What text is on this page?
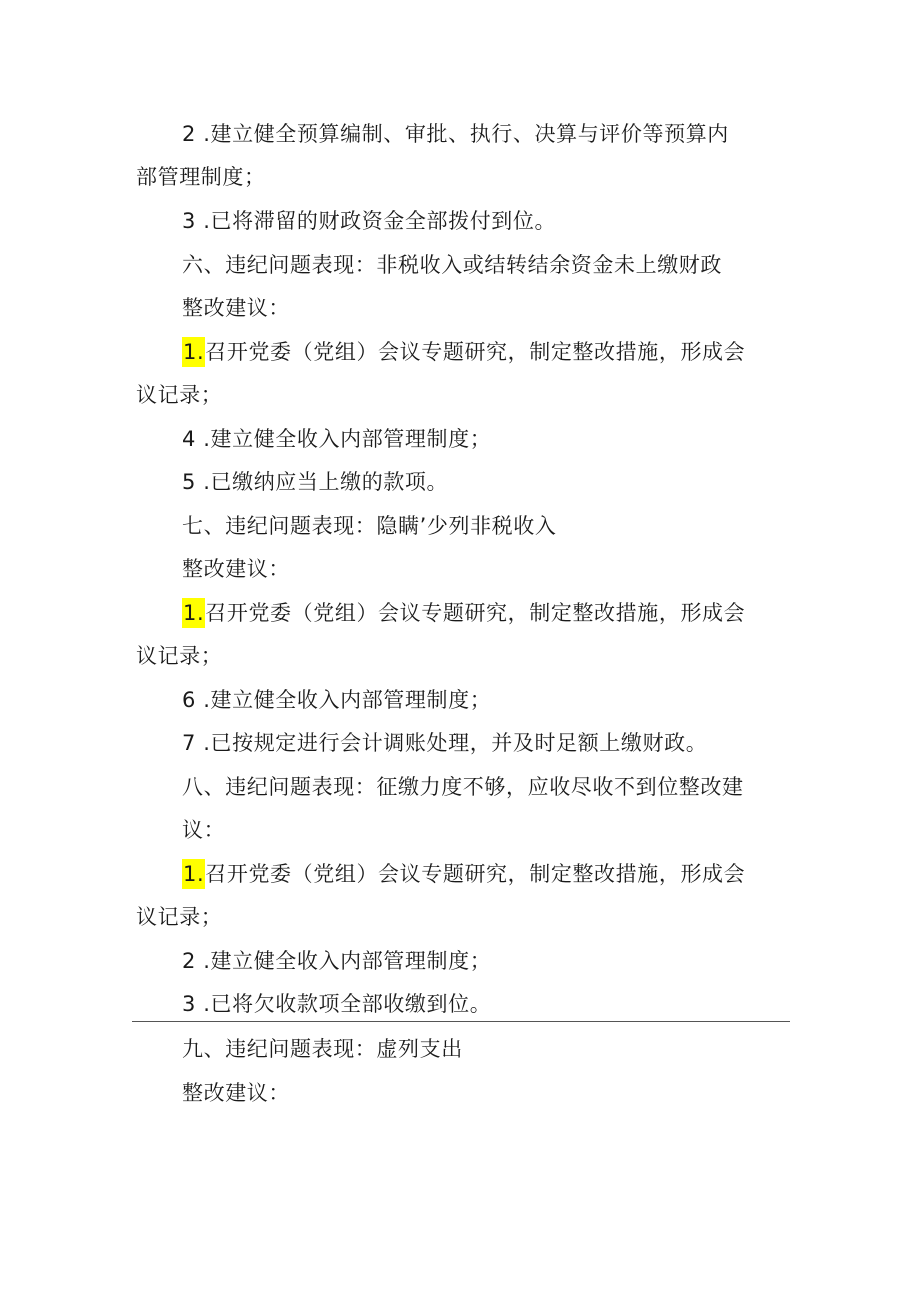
2 .建立健全预算编制、审批、执行、决算与评价等预算内
部管理制度；
3 .已将滞留的财政资金全部拨付到位。
六、违纪问题表现：非税收入或结转结余资金未上缴财政
整改建议：
1.召开党委（党组）会议专题研究，制定整改措施，形成会
议记录；
4 .建立健全收入内部管理制度；
5 .已缴纳应当上缴的款项。
七、违纪问题表现：隐瞒’少列非税收入
整改建议：
1.召开党委（党组）会议专题研究，制定整改措施，形成会
议记录；
6 .建立健全收入内部管理制度；
7 .已按规定进行会计调账处理，并及时足额上缴财政。
八、违纪问题表现：征缴力度不够，应收尽收不到位整改建
议：
1.召开党委（党组）会议专题研究，制定整改措施，形成会
议记录；
2 .建立健全收入内部管理制度；
3 .已将欠收款项全部收缴到位。
九、违纪问题表现：虚列支出
整改建议：
